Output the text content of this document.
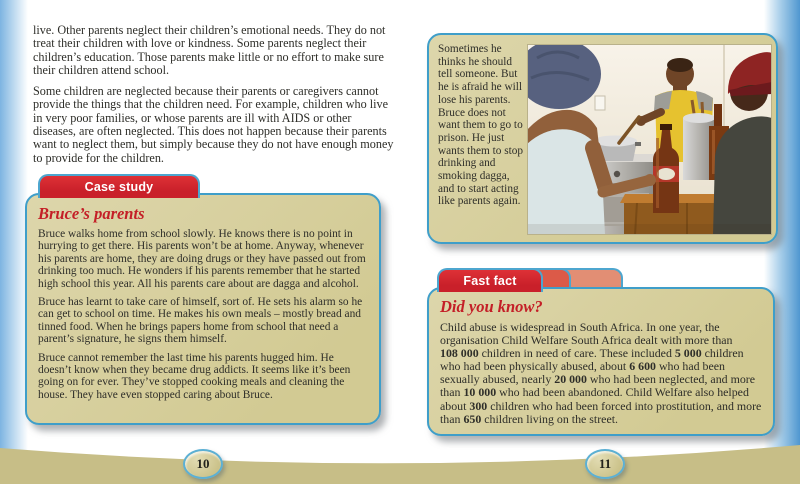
live. Other parents neglect their children’s emotional needs. They do not treat their children with love or kindness. Some parents neglect their children’s education. Those parents make little or no effort to make sure their children attend school.

Some children are neglected because their parents or caregivers cannot provide the things that the children need. For example, children who live in very poor families, or whose parents are ill with AIDS or other diseases, are often neglected. This does not happen because their parents want to neglect them, but simply because they do not have enough money to provide for the children.

Case study
Bruce’s parents

Bruce walks home from school slowly. He knows there is no point in hurrying to get there. His parents won’t be at home. Anyway, whenever his parents are home, they are doing drugs or they have passed out from drinking too much. He wonders if his parents remember that he started high school this year. All his parents care about are dagga and alcohol.

Bruce has learnt to take care of himself, sort of. He sets his alarm so he can get to school on time. He makes his own meals – mostly bread and tinned food. When he brings papers home from school that need a parent’s signature, he signs them himself.

Bruce cannot remember the last time his parents hugged him. He doesn’t know when they became drug addicts. It seems like it’s been going on for ever. They’ve stopped cooking meals and cleaning the house. They have even stopped caring about Bruce.

10
Sometimes he thinks he should tell someone. But he is afraid he will lose his parents. Bruce does not want them to go to prison. He just wants them to stop drinking and smoking dagga, and to start acting like parents again.
Fast fact
Did you know?

Child abuse is widespread in South Africa. In one year, the organisation Child Welfare South Africa dealt with more than 108 000 children in need of care. These included 5 000 children who had been physically abused, about 6 600 who had been sexually abused, nearly 20 000 who had been neglected, and more than 10 000 who had been abandoned. Child Welfare also helped about 300 children who had been forced into prostitution, and more than 650 children living on the street.

11
